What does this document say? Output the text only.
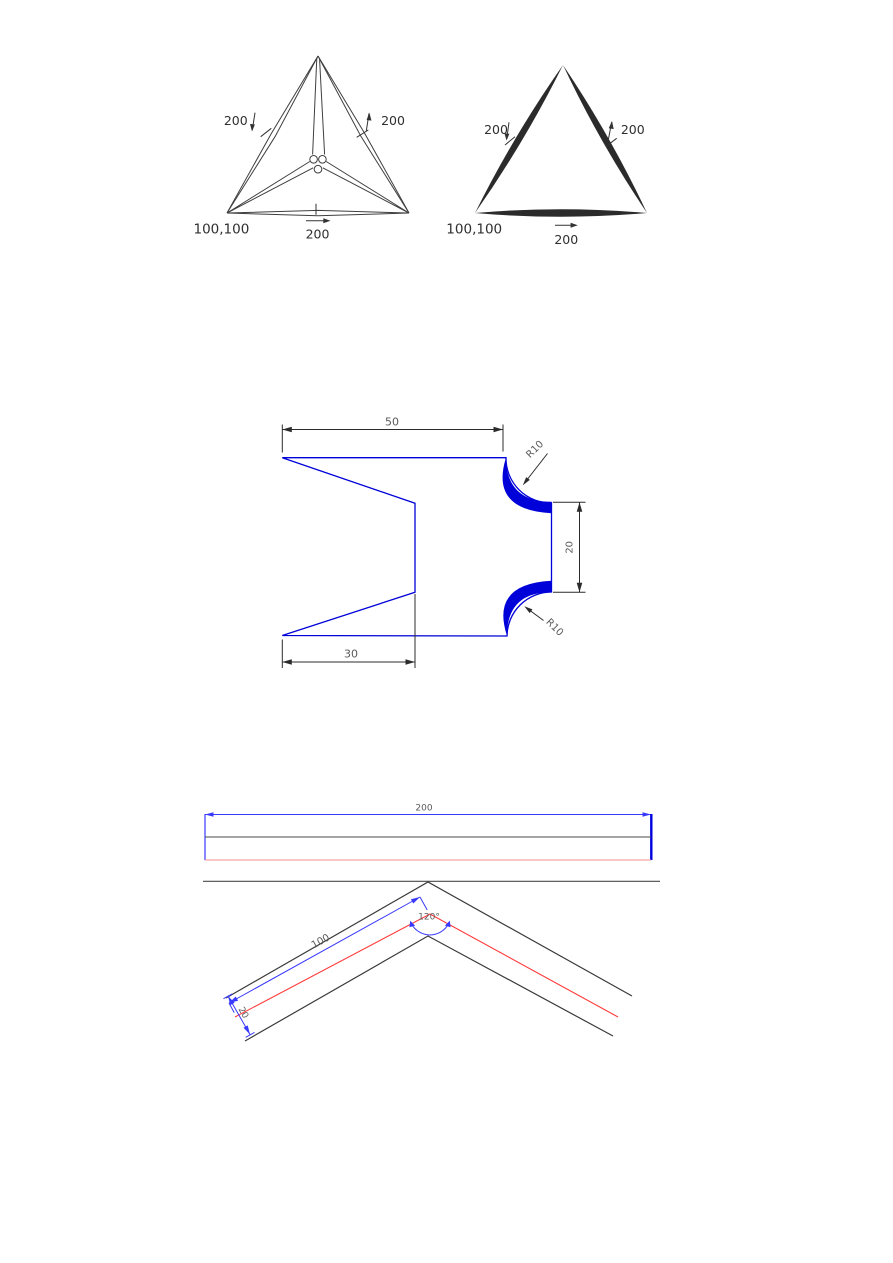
200	200
100,100	200
200	200
100,100
200
50
30
20
R10
R10
200
100
20
120°
